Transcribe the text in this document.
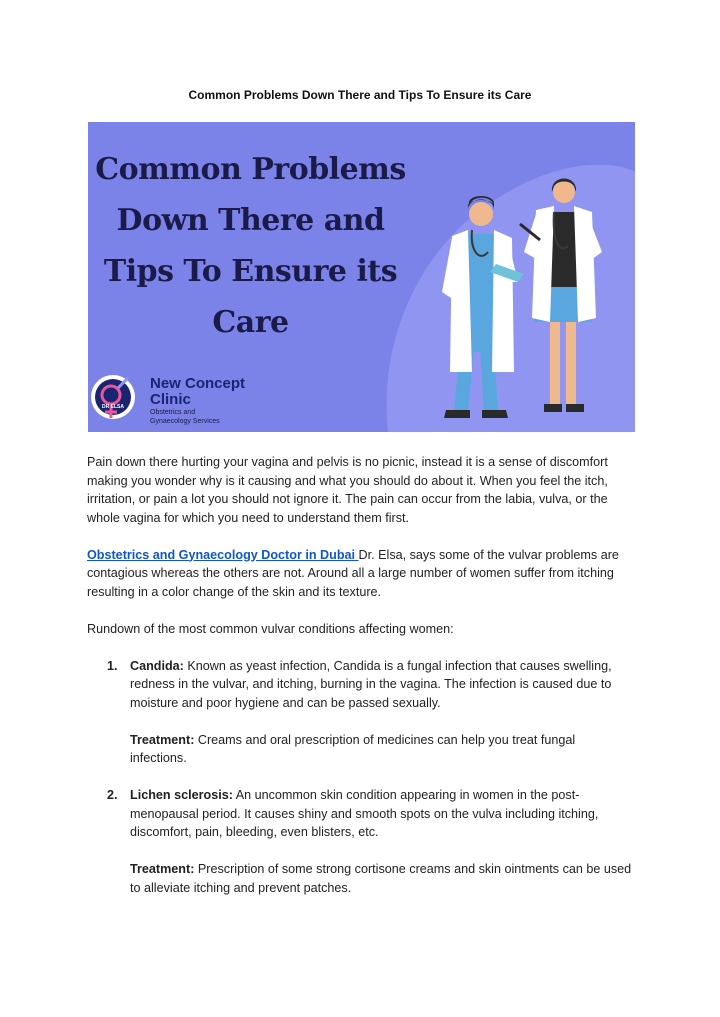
Common Problems Down There and Tips To Ensure its Care
Common Problems
Down There and
Tips To Ensure its
Care
DR ELSA
New Concept
Clinic
Obstetrics and
Gynaecology Services

Pain down there hurting your vagina and pelvis is no picnic, instead it is a sense of discomfort making you wonder why is it causing and what you should do about it. When you feel the itch, irritation, or pain a lot you should not ignore it. The pain can occur from the labia, vulva, or the whole vagina for which you need to understand them first.

Obstetrics and Gynaecology Doctor in Dubai Dr. Elsa, says some of the vulvar problems are contagious whereas the others are not. Around all a large number of women suffer from itching resulting in a color change of the skin and its texture.

Rundown of the most common vulvar conditions affecting women:

1. Candida: Known as yeast infection, Candida is a fungal infection that causes swelling, redness in the vulvar, and itching, burning in the vagina. The infection is caused due to moisture and poor hygiene and can be passed sexually.
Treatment: Creams and oral prescription of medicines can help you treat fungal infections.
2. Lichen sclerosis: An uncommon skin condition appearing in women in the post-menopausal period. It causes shiny and smooth spots on the vulva including itching, discomfort, pain, bleeding, even blisters, etc.
Treatment: Prescription of some strong cortisone creams and skin ointments can be used to alleviate itching and prevent patches.
